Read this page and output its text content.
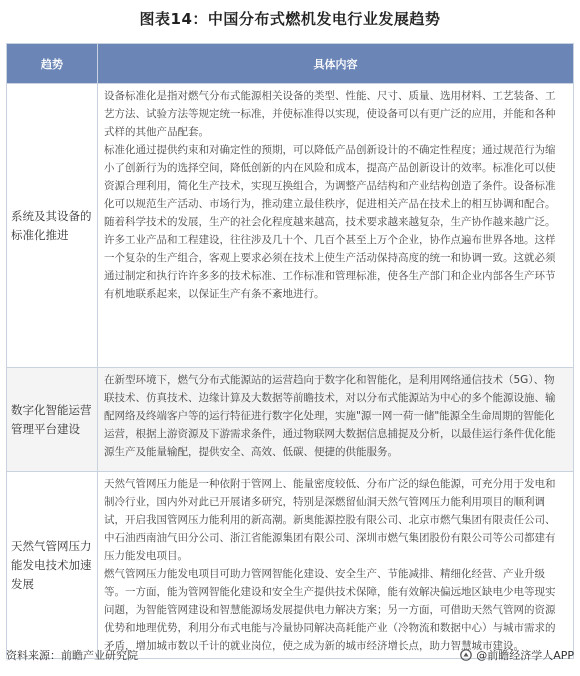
图表14：中国分布式燃机发电行业发展趋势
趋势	具体内容
系统及其设备的标准化推进	设备标准化是指对燃气分布式能源相关设备的类型、性能、尺寸、质量、选用材料、工艺装备、工艺方法、试验方法等规定统一标准，并使标准得以实现，使设备可以有更广泛的应用，并能和各种式样的其他产品配套。

标准化通过提供约束和对确定性的预期，可以降低产品创新设计的不确定性程度；通过规范行为缩小了创新行为的选择空间，降低创新的内在风险和成本，提高产品创新设计的效率。标准化可以使资源合理利用，简化生产技术，实现互换组合，为调整产品结构和产业结构创造了条件。设备标准化可以规范生产活动、市场行为，推动建立最佳秩序，促进相关产品在技术上的相互协调和配合。随着科学技术的发展，生产的社会化程度越来越高，技术要求越来越复杂，生产协作越来越广泛。许多工业产品和工程建设，往往涉及几十个、几百个甚至上万个企业，协作点遍布世界各地。这样一个复杂的生产组合，客观上要求必须在技术上使生产活动保持高度的统一和协调一致。这就必须通过制定和执行许许多多的技术标准、工作标准和管理标准，使各生产部门和企业内部各生产环节有机地联系起来，以保证生产有条不紊地进行。

数字化智能运营管理平台建设	在新型环境下，燃气分布式能源站的运营趋向于数字化和智能化，是利用网络通信技术（5G）、物联技术、仿真技术、边缘计算及大数据等前瞻技术，对以分布式能源站为中心的多个能源设施、输配网络及终端客户等的运行特征进行数字化处理，实施"源一网一荷一储"能源全生命周期的智能化运营，根据上游资源及下游需求条件，通过物联网大数据信息捕捉及分析，以最佳运行条件优化能源生产及能量输配，提供安全、高效、低碳、便捷的供能服务。

天然气管网压力能发电技术加速发展	天然气管网压力能是一种依附于管网上、能量密度较低、分布广泛的绿色能源，可充分用于发电和制冷行业，国内外对此已开展诸多研究，特别是深燃留仙洞天然气管网压力能利用项目的顺利调试，开启我国管网压力能利用的新高潮。新奥能源控股有限公司、北京市燃气集团有限责任公司、中石油西南油气田分公司、浙江省能源集团有限公司、深圳市燃气集团股份有限公司等公司都建有压力能发电项目。

燃气管网压力能发电项目可助力管网智能化建设、安全生产、节能减排、精细化经营、产业升级等。一方面，能为管网智能化建设和安全生产提供技术保障，能有效解决偏远地区缺电少电等现实问题，为智能管网建设和智慧能源场发展提供电力解决方案；另一方面，可借助天然气管网的资源优势和地理优势，利用分布式电能与冷量协同解决高耗能产业（冷物流和数据中心）与城市需求的矛盾，增加城市数以千计的就业岗位，使之成为新的城市经济增长点，助力智慧城市建设。

资料来源：前瞻产业研究院	@前瞻经济学人APP
